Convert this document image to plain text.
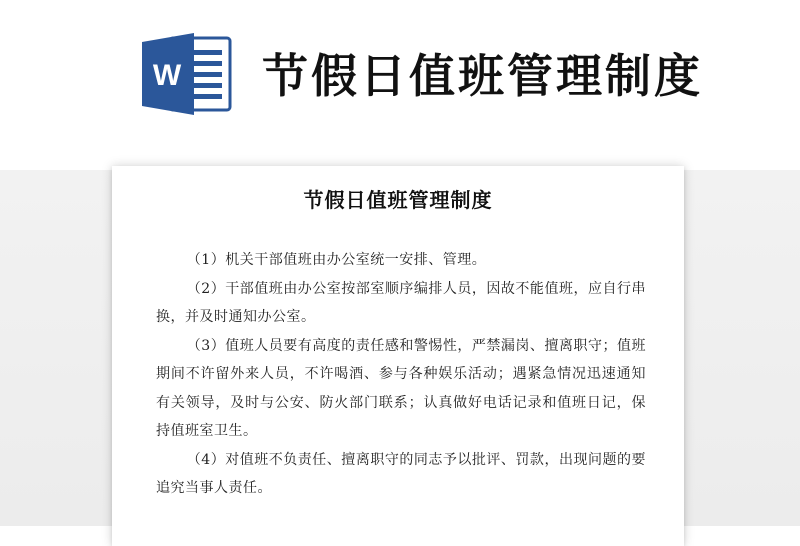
W 节假日值班管理制度
节假日值班管理制度

（1）机关干部值班由办公室统一安排、管理。

（2）干部值班由办公室按部室顺序编排人员，因故不能值班，应自行串换，并及时通知办公室。

（3）值班人员要有高度的责任感和警惕性，严禁漏岗、擅离职守；值班期间不许留外来人员，不许喝酒、参与各种娱乐活动；遇紧急情况迅速通知有关领导，及时与公安、防火部门联系；认真做好电话记录和值班日记，保持值班室卫生。

（4）对值班不负责任、擅离职守的同志予以批评、罚款，出现问题的要追究当事人责任。
